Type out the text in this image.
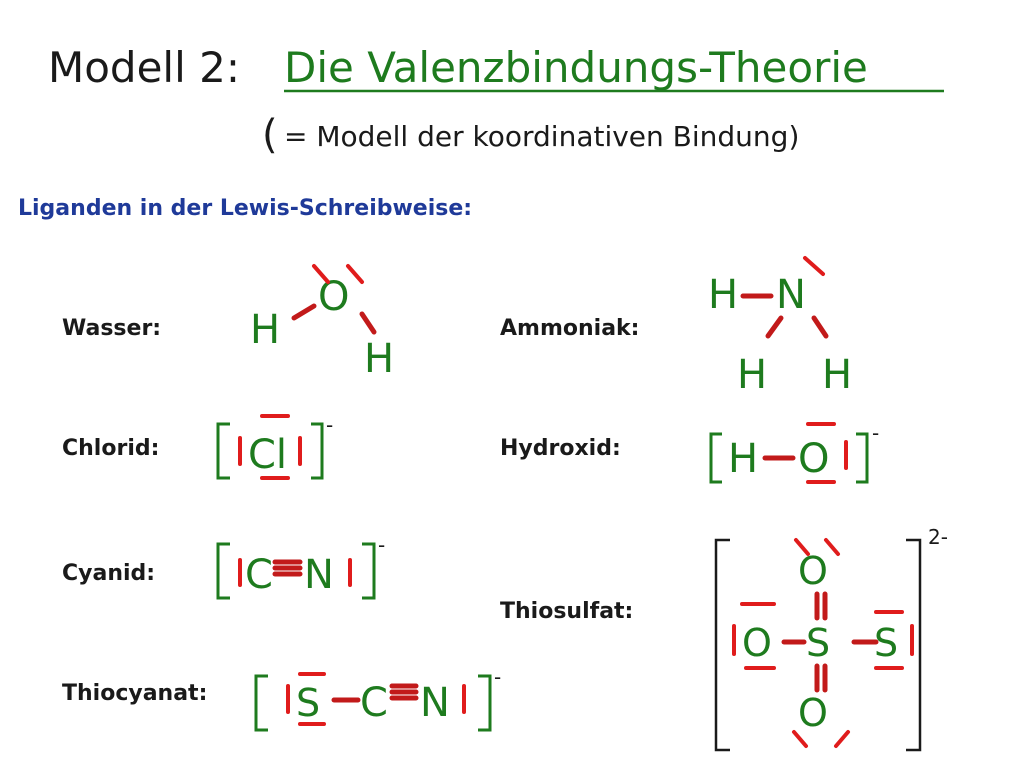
Modell 2: Die Valenzbindungs-Theorie
( = Modell der koordinativen Bindung)
Liganden in der Lewis-Schreibweise:
Wasser:	Ammoniak:
Chlorid:	Hydroxid:
Cyanid:
Thiosulfat:
Thiocyanat:
H
O
H
H N
H H
Cl
-
H O
-
C N
-
S C N
-
2-
O
O S S
O
